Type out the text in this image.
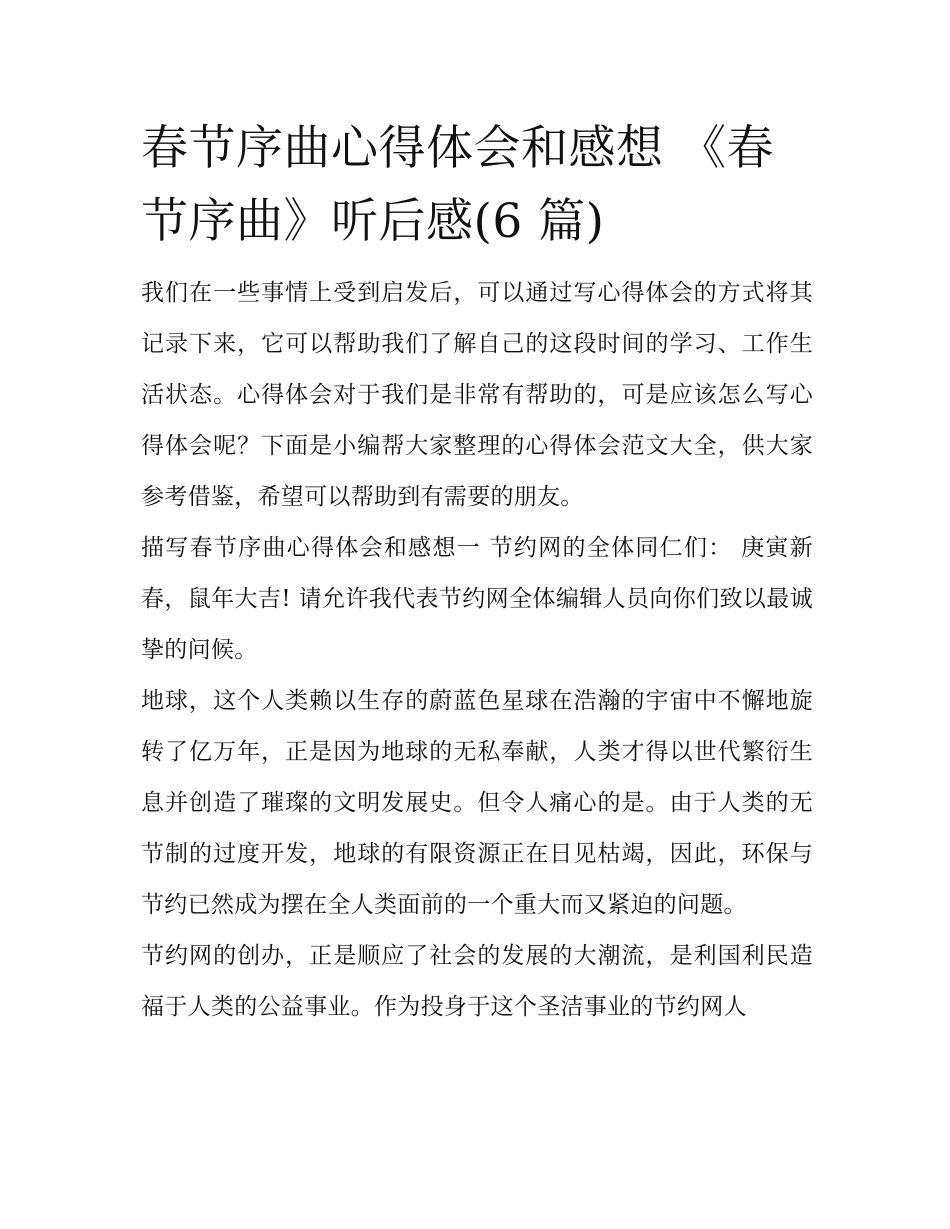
春节序曲心得体会和感想 《春节序曲》听后感(6 篇)

我们在一些事情上受到启发后，可以通过写心得体会的方式将其记录下来，它可以帮助我们了解自己的这段时间的学习、工作生活状态。心得体会对于我们是非常有帮助的，可是应该怎么写心得体会呢？下面是小编帮大家整理的心得体会范文大全，供大家参考借鉴，希望可以帮助到有需要的朋友。

描写春节序曲心得体会和感想一 节约网的全体同仁们： 庚寅新春，鼠年大吉! 请允许我代表节约网全体编辑人员向你们致以最诚挚的问候。

地球，这个人类赖以生存的蔚蓝色星球在浩瀚的宇宙中不懈地旋转了亿万年，正是因为地球的无私奉献，人类才得以世代繁衍生息并创造了璀璨的文明发展史。但令人痛心的是。由于人类的无节制的过度开发，地球的有限资源正在日见枯竭，因此，环保与节约已然成为摆在全人类面前的一个重大而又紧迫的问题。

节约网的创办，正是顺应了社会的发展的大潮流，是利国利民造福于人类的公益事业。作为投身于这个圣洁事业的节约网人
